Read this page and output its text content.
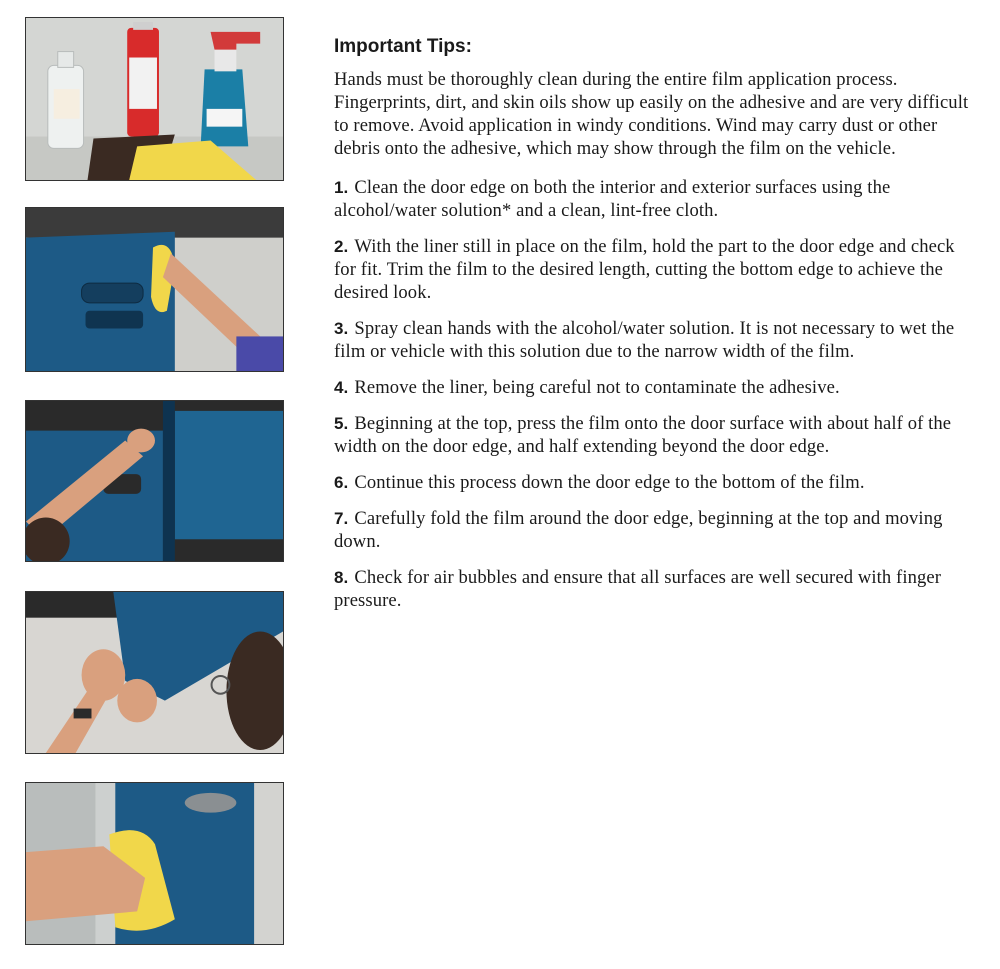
Important Tips:

Hands must be thoroughly clean during the entire film application process. Fingerprints, dirt, and skin oils show up easily on the adhesive and are very difficult to remove. Avoid application in windy conditions. Wind may carry dust or other debris onto the adhesive, which may show through the film on the vehicle.

1. Clean the door edge on both the interior and exterior surfaces using the alcohol/water solution* and a clean, lint-free cloth.
2. With the liner still in place on the film, hold the part to the door edge and check for fit. Trim the film to the desired length, cutting the bottom edge to achieve the desired look.
3. Spray clean hands with the alcohol/water solution. It is not necessary to wet the film or vehicle with this solution due to the narrow width of the film.
4. Remove the liner, being careful not to contaminate the adhesive.
5. Beginning at the top, press the film onto the door surface with about half of the width on the door edge, and half extending beyond the door edge.
6. Continue this process down the door edge to the bottom of the film.
7. Carefully fold the film around the door edge, beginning at the top and moving down.
8. Check for air bubbles and ensure that all surfaces are well secured with finger pressure.
